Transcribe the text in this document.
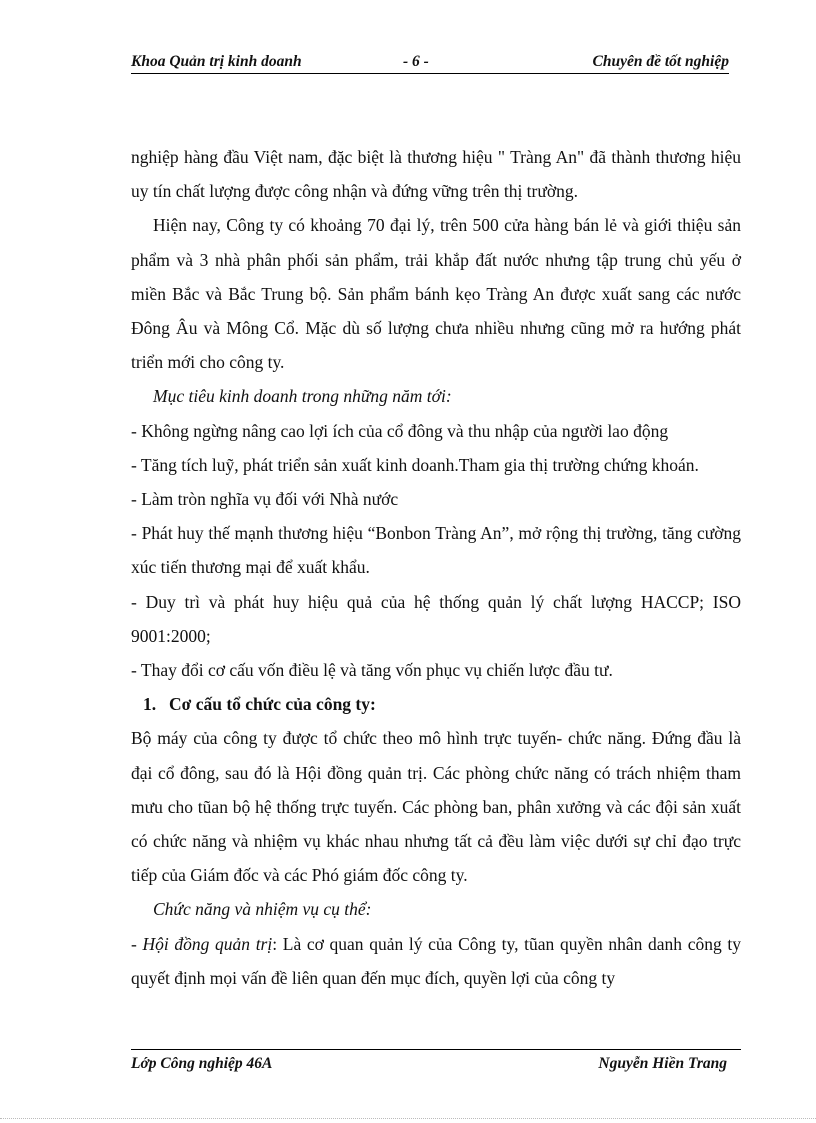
Khoa Quản trị kinh doanh	- 6 -	Chuyên đề tốt nghiệp

nghiệp hàng đầu Việt nam, đặc biệt là thương hiệu " Tràng An" đã thành thương hiệu uy tín chất lượng được công nhận và đứng vững trên thị trường.

Hiện nay, Công ty có khoảng 70 đại lý, trên 500 cửa hàng bán lẻ và giới thiệu sản phẩm và 3 nhà phân phối sản phẩm, trải khắp đất nước nhưng tập trung chủ yếu ở miền Bắc và Bắc Trung bộ. Sản phẩm bánh kẹo Tràng An được xuất sang các nước Đông Âu và Mông Cổ. Mặc dù số lượng chưa nhiều nhưng cũng mở ra hướng phát triển mới cho công ty.

Mục tiêu kinh doanh trong những năm tới:

- Không ngừng nâng cao lợi ích của cổ đông và thu nhập của người lao động

- Tăng tích luỹ, phát triển sản xuất kinh doanh.Tham gia thị trường chứng khoán.

- Làm tròn nghĩa vụ đối với Nhà nước

- Phát huy thế mạnh thương hiệu “Bonbon Tràng An”, mở rộng thị trường, tăng cường xúc tiến thương mại để xuất khẩu.

- Duy trì và phát huy hiệu quả của hệ thống quản lý chất lượng HACCP; ISO 9001:2000;

- Thay đổi cơ cấu vốn điều lệ và tăng vốn phục vụ chiến lược đầu tư.

1. Cơ cấu tổ chức của công ty:

Bộ máy của công ty được tổ chức theo mô hình trực tuyến- chức năng. Đứng đầu là đại cổ đông, sau đó là Hội đồng quản trị. Các phòng chức năng có trách nhiệm tham mưu cho tũan bộ hệ thống trực tuyến. Các phòng ban, phân xưởng và các đội sản xuất có chức năng và nhiệm vụ khác nhau nhưng tất cả đều làm việc dưới sự chỉ đạo trực tiếp của Giám đốc và các Phó giám đốc công ty.

Chức năng và nhiệm vụ cụ thể:

- Hội đồng quản trị: Là cơ quan quản lý của Công ty, tũan quyền nhân danh công ty quyết định mọi vấn đề liên quan đến mục đích, quyền lợi của công ty

Lớp Công nghiệp 46A	Nguyễn Hiền Trang
